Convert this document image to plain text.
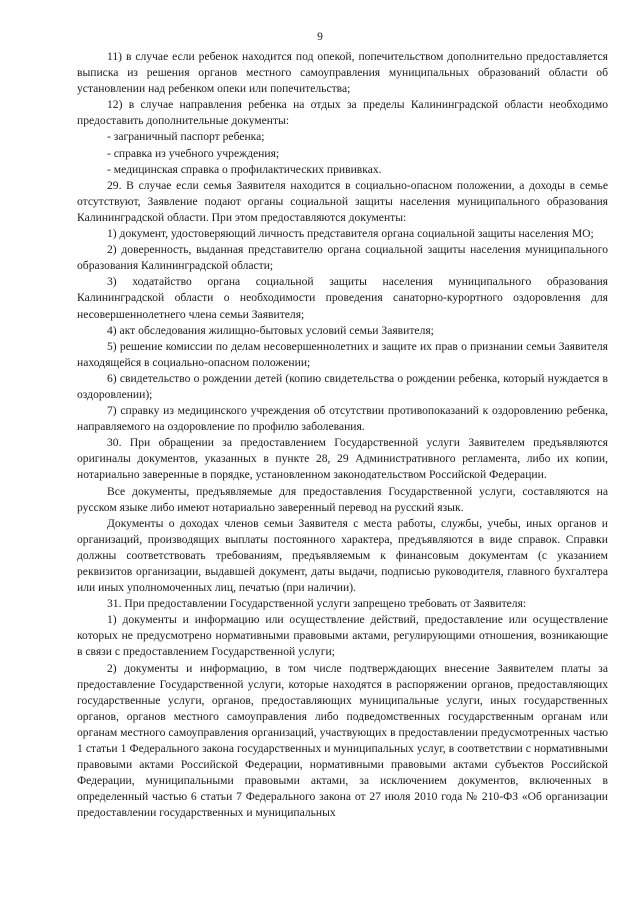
9

11) в случае если ребенок находится под опекой, попечительством дополнительно предоставляется выписка из решения органов местного самоуправления муниципальных образований области об установлении над ребенком опеки или попечительства;

12) в случае направления ребенка на отдых за пределы Калининградской области необходимо предоставить дополнительные документы:

- заграничный паспорт ребенка;

- справка из учебного учреждения;

- медицинская справка о профилактических прививках.

29. В случае если семья Заявителя находится в социально-опасном положении, а доходы в семье отсутствуют, Заявление подают органы социальной защиты населения муниципального образования Калининградской области. При этом предоставляются документы:

1) документ, удостоверяющий личность представителя органа социальной защиты населения МО;

2) доверенность, выданная представителю органа социальной защиты населения муниципального образования Калининградской области;

3) ходатайство органа социальной защиты населения муниципального образования Калининградской области о необходимости проведения санаторно-курортного оздоровления для несовершеннолетнего члена семьи Заявителя;

4) акт обследования жилищно-бытовых условий семьи Заявителя;

5) решение комиссии по делам несовершеннолетних и защите их прав о признании семьи Заявителя находящейся в социально-опасном положении;

6) свидетельство о рождении детей (копию свидетельства о рождении ребенка, который нуждается в оздоровлении);

7) справку из медицинского учреждения об отсутствии противопоказаний к оздоровлению ребенка, направляемого на оздоровление по профилю заболевания.

30. При обращении за предоставлением Государственной услуги Заявителем предъявляются оригиналы документов, указанных в пункте 28, 29 Административного регламента, либо их копии, нотариально заверенные в порядке, установленном законодательством Российской Федерации.

Все документы, предъявляемые для предоставления Государственной услуги, составляются на русском языке либо имеют нотариально заверенный перевод на русский язык.

Документы о доходах членов семьи Заявителя с места работы, службы, учебы, иных органов и организаций, производящих выплаты постоянного характера, предъявляются в виде справок. Справки должны соответствовать требованиям, предъявляемым к финансовым документам (с указанием реквизитов организации, выдавшей документ, даты выдачи, подписью руководителя, главного бухгалтера или иных уполномоченных лиц, печатью (при наличии).

31. При предоставлении Государственной услуги запрещено требовать от Заявителя:

1) документы и информацию или осуществление действий, предоставление или осуществление которых не предусмотрено нормативными правовыми актами, регулирующими отношения, возникающие в связи с предоставлением Государственной услуги;

2) документы и информацию, в том числе подтверждающих внесение Заявителем платы за предоставление Государственной услуги, которые находятся в распоряжении органов, предоставляющих государственные услуги, органов, предоставляющих муниципальные услуги, иных государственных органов, органов местного самоуправления либо подведомственных государственным органам или органам местного самоуправления организаций, участвующих в предоставлении предусмотренных частью 1 статьи 1 Федерального закона государственных и муниципальных услуг, в соответствии с нормативными правовыми актами Российской Федерации, нормативными правовыми актами субъектов Российской Федерации, муниципальными правовыми актами, за исключением документов, включенных в определенный частью 6 статьи 7 Федерального закона от 27 июля 2010 года № 210-ФЗ «Об организации предоставлении государственных и муниципальных
